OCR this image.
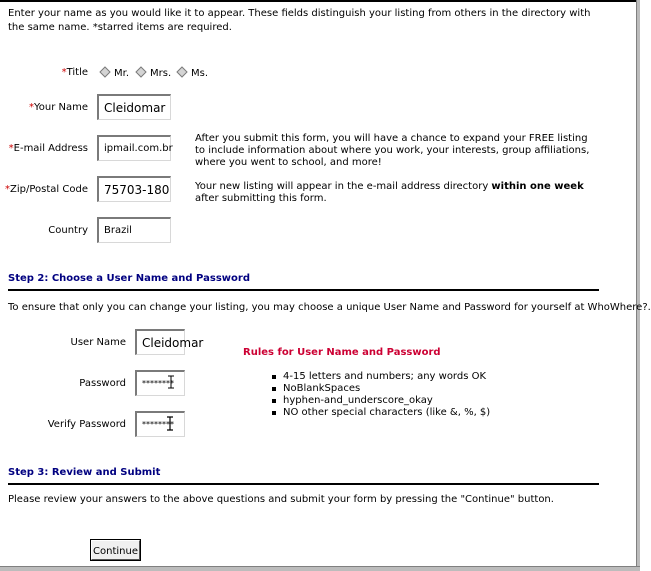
Enter your name as you would like it to appear. These fields distinguish your listing from others in the directory with the same name. *starred items are required.
*Title	Mr. Mrs. Ms.
*Your Name	Cleidomar
*E-mail Address	ipmail.com.br
*Zip/Postal Code	75703-180
Country	Brazil
After you submit this form, you will have a chance to expand your FREE listing to include information about where you work, your interests, group affiliations, where you went to school, and more!
Your new listing will appear in the e-mail address directory within one week after submitting this form.
Step 2: Choose a User Name and Password
To ensure that only you can change your listing, you may choose a unique User Name and Password for yourself at WhoWhere?.
User Name	Cleidomar
Password	********
Verify Password	********
Rules for User Name and Password
4-15 letters and numbers; any words OK
NoBlankSpaces
hyphen-and_underscore_okay
NO other special characters (like &, %, $)
Step 3: Review and Submit
Please review your answers to the above questions and submit your form by pressing the "Continue" button.
Continue
